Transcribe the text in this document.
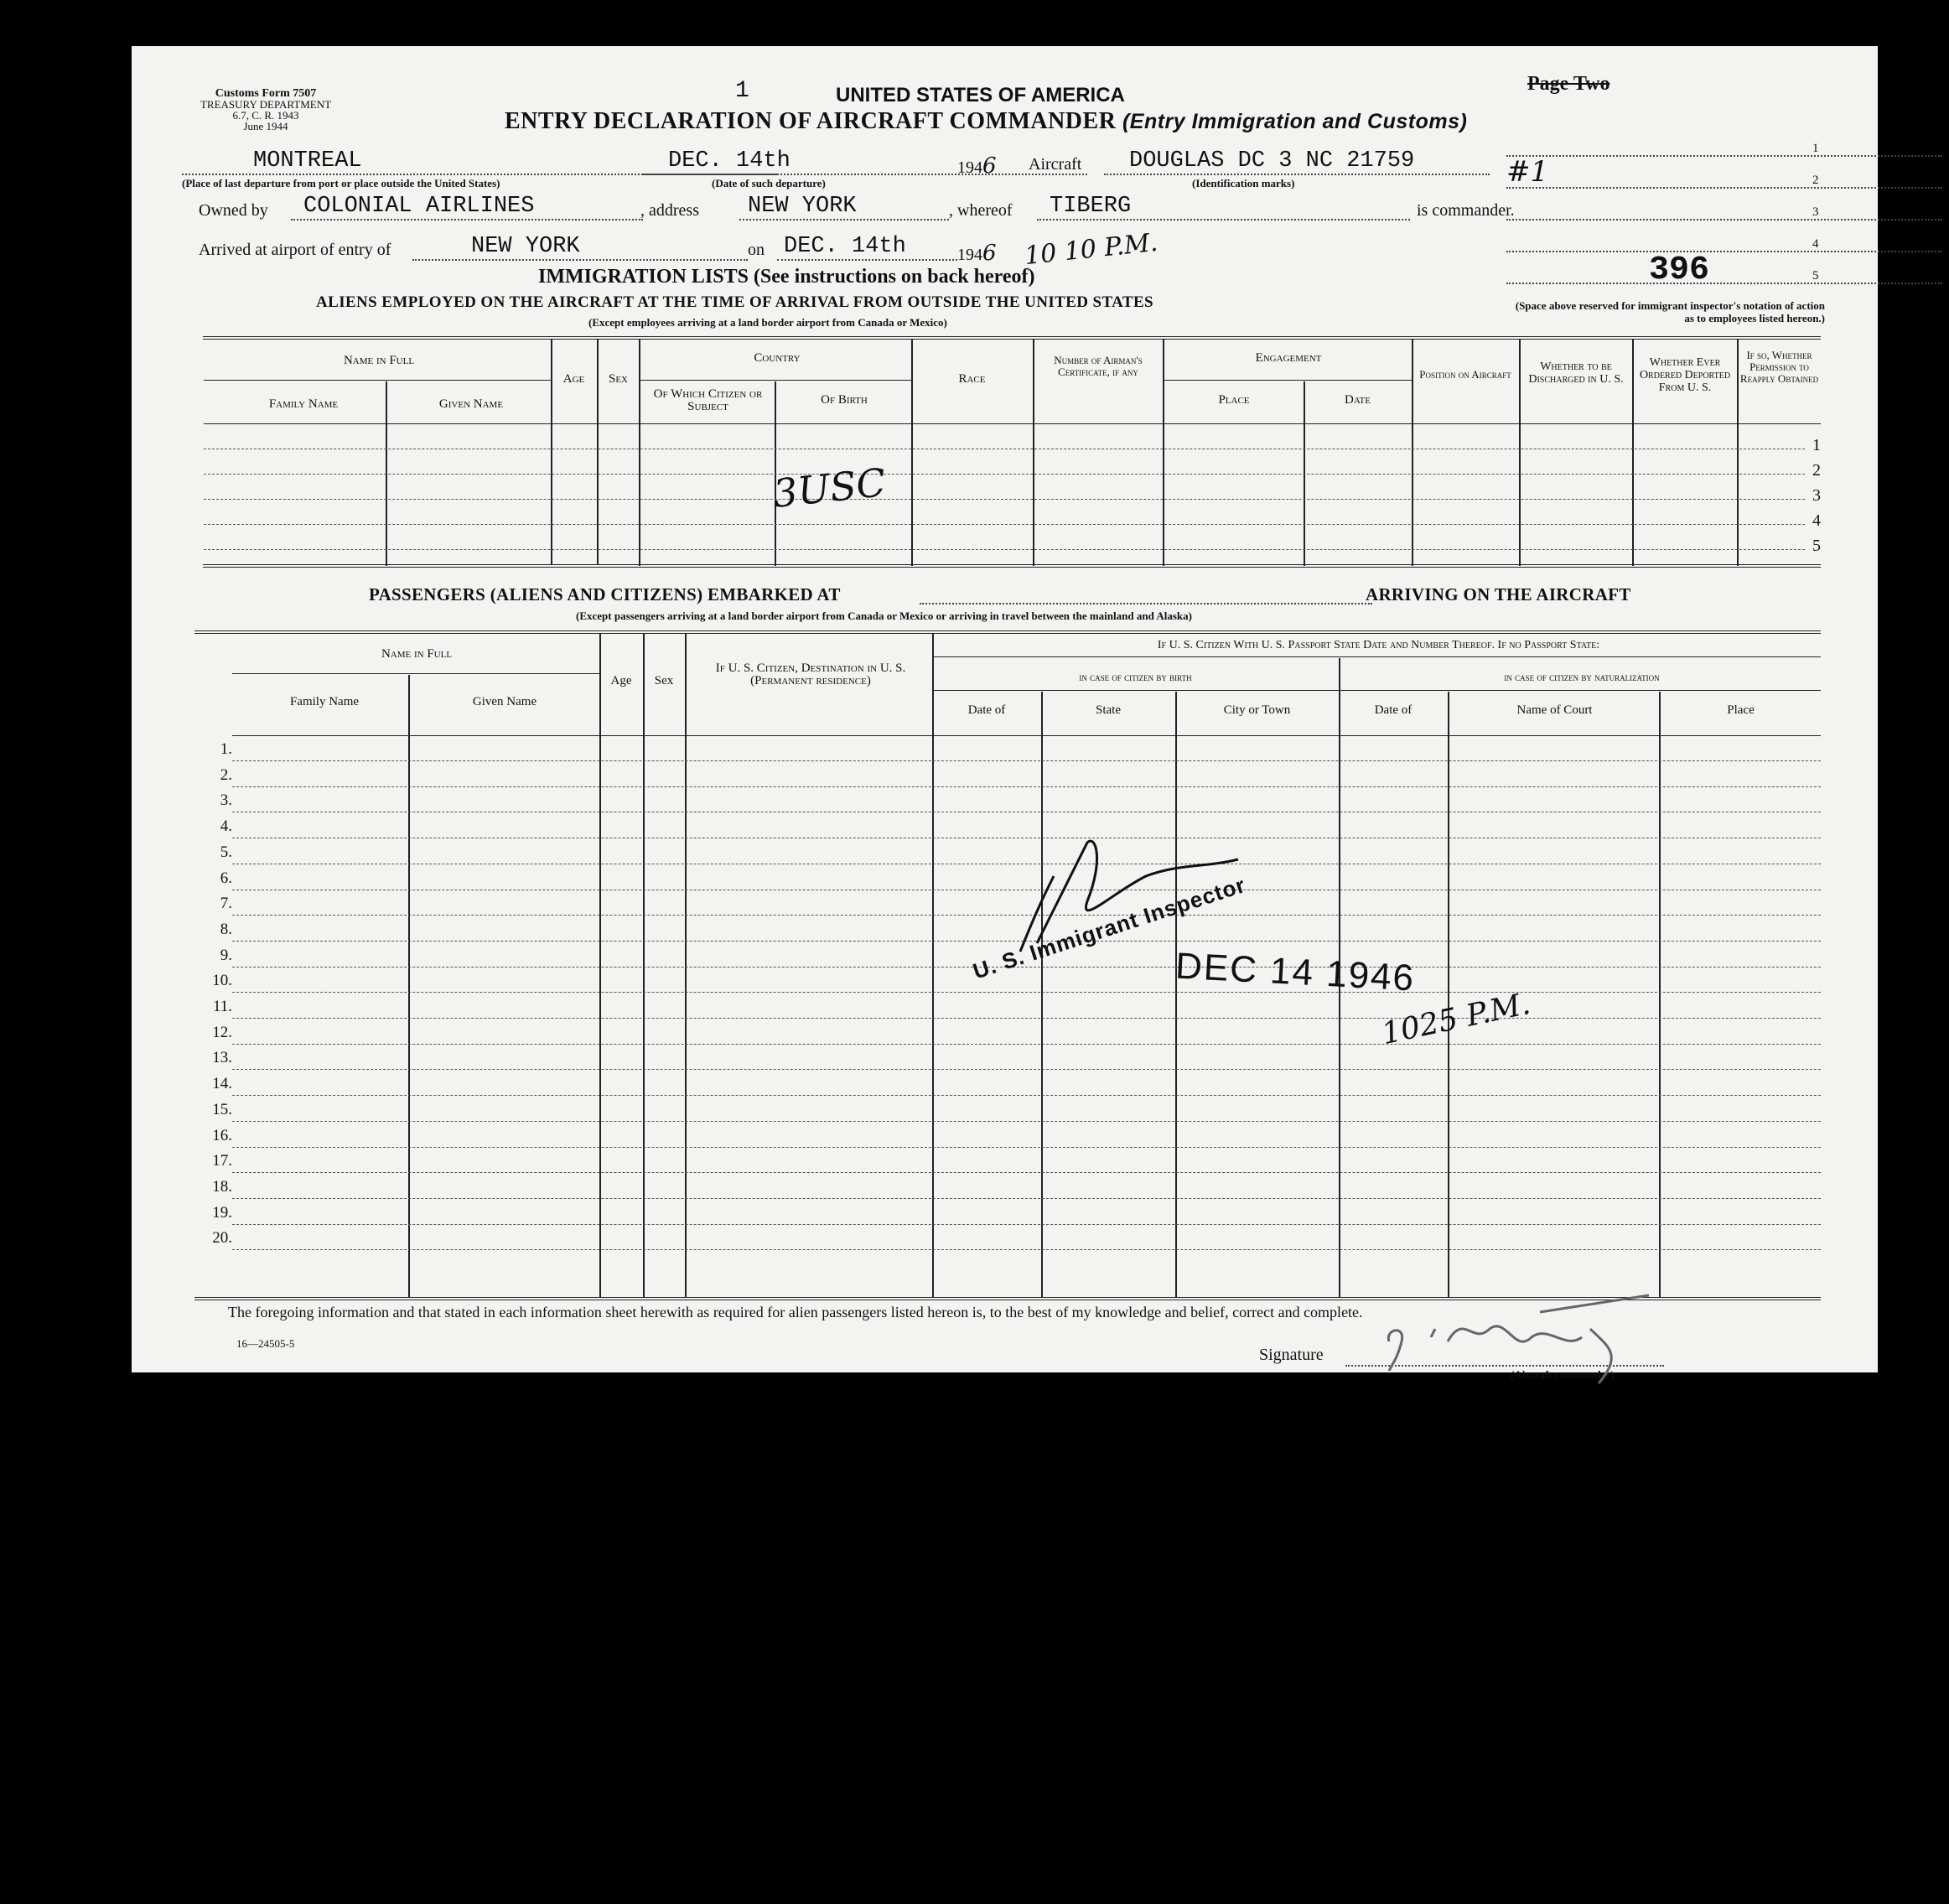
Customs Form 7507
TREASURY DEPARTMENT
6.7, C. R. 1943
June 1944
1	UNITED STATES OF AMERICA	Page Two
ENTRY DECLARATION OF AIRCRAFT COMMANDER (Entry Immigration and Customs)
1
2
3
4
5
#1
396
(Space above reserved for immigrant inspector's notation of action as to employees listed hereon.)
MONTREAL
(Place of last departure from port or place outside the United States)
DEC. 14th
(Date of such departure)
1946 Aircraft DOUGLAS DC 3 NC 21759
(Identification marks)
Owned by COLONIAL AIRLINES	, address NEW YORK	, whereof TIBERG	is commander.
Arrived at airport of entry of	NEW YORK	on DEC. 14th	1946 10 10 P.M.
IMMIGRATION LISTS (See instructions on back hereof)
ALIENS EMPLOYED ON THE AIRCRAFT AT THE TIME OF ARRIVAL FROM OUTSIDE THE UNITED STATES
(Except employees arriving at a land border airport from Canada or Mexico)
Name in Full
Family Name	Given Name
Age	Sex
Country
Of Which Citizen or Subject	Of Birth
Race
Number of Airman's Certificate, if any
Engagement
Place	Date
Position on Aircraft
Whether to be Discharged in U. S.
Whether Ever Ordered Deported From U. S.
If so, Whether Permission to Reapply Obtained
1
2
3
4
5
3USC
PASSENGERS (ALIENS AND CITIZENS) EMBARKED AT	ARRIVING ON THE AIRCRAFT
(Except passengers arriving at a land border airport from Canada or Mexico or arriving in travel between the mainland and Alaska)
Name in Full
Family Name	Given Name
Age	Sex
If U. S. Citizen, Destination in U. S. (Permanent residence)
If U. S. Citizen With U. S. Passport State Date and Number Thereof. If no Passport State:
in case of citizen by birth	in case of citizen by naturalization
Date of	State	City or Town	Date of	Name of Court	Place
1.
2.
3.
4.
5.
6.
7.
8.
9.
10.
11.
12.
13.
14.
15.
16.
17.
18.
19.
20.
U. S. Immigrant Inspector
DEC 14 1946
1025 P.M.
The foregoing information and that stated in each information sheet herewith as required for alien passengers listed hereon is, to the best of my knowledge and belief, correct and complete.
16—24505-5
Signature
(Aircraft commander)
